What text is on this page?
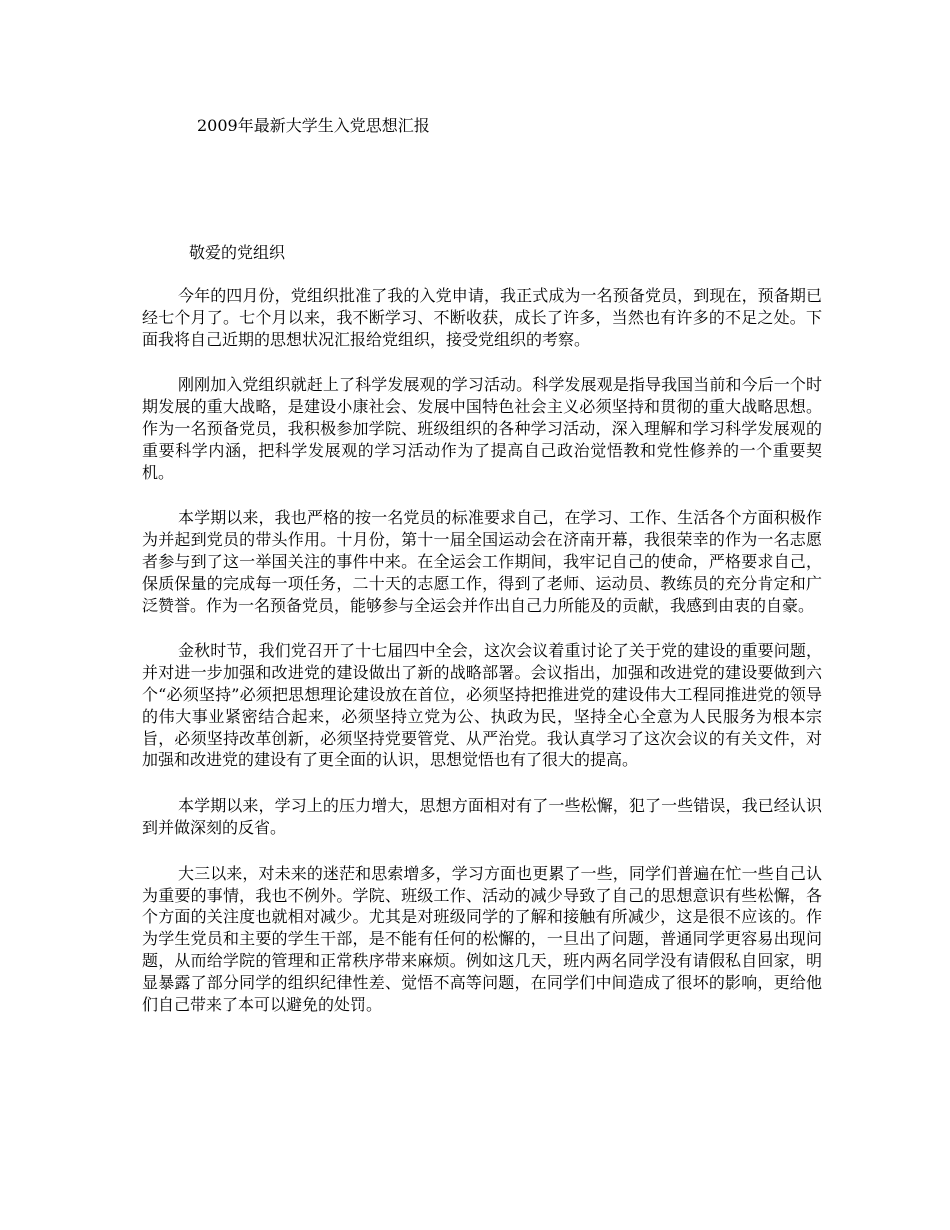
2009年最新大学生入党思想汇报
敬爱的党组织

今年的四月份，党组织批准了我的入党申请，我正式成为一名预备党员，到现在，预备期已经七个月了。七个月以来，我不断学习、不断收获，成长了许多，当然也有许多的不足之处。下面我将自己近期的思想状况汇报给党组织，接受党组织的考察。

刚刚加入党组织就赶上了科学发展观的学习活动。科学发展观是指导我国当前和今后一个时期发展的重大战略，是建设小康社会、发展中国特色社会主义必须坚持和贯彻的重大战略思想。作为一名预备党员，我积极参加学院、班级组织的各种学习活动，深入理解和学习科学发展观的重要科学内涵，把科学发展观的学习活动作为了提高自己政治觉悟教和党性修养的一个重要契机。

本学期以来，我也严格的按一名党员的标准要求自己，在学习、工作、生活各个方面积极作为并起到党员的带头作用。十月份，第十一届全国运动会在济南开幕，我很荣幸的作为一名志愿者参与到了这一举国关注的事件中来。在全运会工作期间，我牢记自己的使命，严格要求自己，保质保量的完成每一项任务，二十天的志愿工作，得到了老师、运动员、教练员的充分肯定和广泛赞誉。作为一名预备党员，能够参与全运会并作出自己力所能及的贡献，我感到由衷的自豪。

金秋时节，我们党召开了十七届四中全会，这次会议着重讨论了关于党的建设的重要问题，并对进一步加强和改进党的建设做出了新的战略部署。会议指出，加强和改进党的建设要做到六个“必须坚持”必须把思想理论建设放在首位，必须坚持把推进党的建设伟大工程同推进党的领导的伟大事业紧密结合起来，必须坚持立党为公、执政为民，坚持全心全意为人民服务为根本宗旨，必须坚持改革创新，必须坚持党要管党、从严治党。我认真学习了这次会议的有关文件，对加强和改进党的建设有了更全面的认识，思想觉悟也有了很大的提高。

本学期以来，学习上的压力增大，思想方面相对有了一些松懈，犯了一些错误，我已经认识到并做深刻的反省。

大三以来，对未来的迷茫和思索增多，学习方面也更累了一些，同学们普遍在忙一些自己认为重要的事情，我也不例外。学院、班级工作、活动的减少导致了自己的思想意识有些松懈，各个方面的关注度也就相对减少。尤其是对班级同学的了解和接触有所减少，这是很不应该的。作为学生党员和主要的学生干部，是不能有任何的松懈的，一旦出了问题，普通同学更容易出现问题，从而给学院的管理和正常秩序带来麻烦。例如这几天，班内两名同学没有请假私自回家，明显暴露了部分同学的组织纪律性差、觉悟不高等问题，在同学们中间造成了很坏的影响，更给他们自己带来了本可以避免的处罚。
